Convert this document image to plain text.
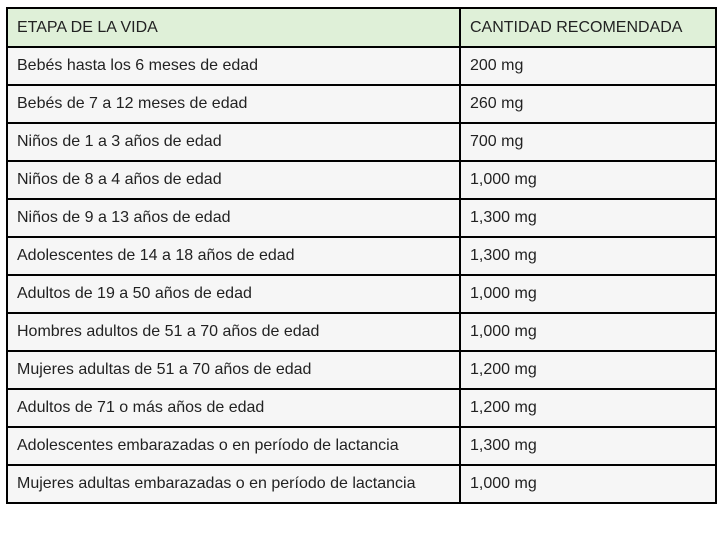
ETAPA DE LA VIDA	CANTIDAD RECOMENDADA
Bebés hasta los 6 meses de edad	200 mg
Bebés de 7 a 12 meses de edad	260 mg
Niños de 1 a 3 años de edad	700 mg
Niños de 8 a 4 años de edad	1,000 mg
Niños de 9 a 13 años de edad	1,300 mg
Adolescentes de 14 a 18 años de edad	1,300 mg
Adultos de 19 a 50 años de edad	1,000 mg
Hombres adultos de 51 a 70 años de edad	1,000 mg
Mujeres adultas de 51 a 70 años de edad	1,200 mg
Adultos de 71 o más años de edad	1,200 mg
Adolescentes embarazadas o en período de lactancia	1,300 mg
Mujeres adultas embarazadas o en período de lactancia	1,000 mg
